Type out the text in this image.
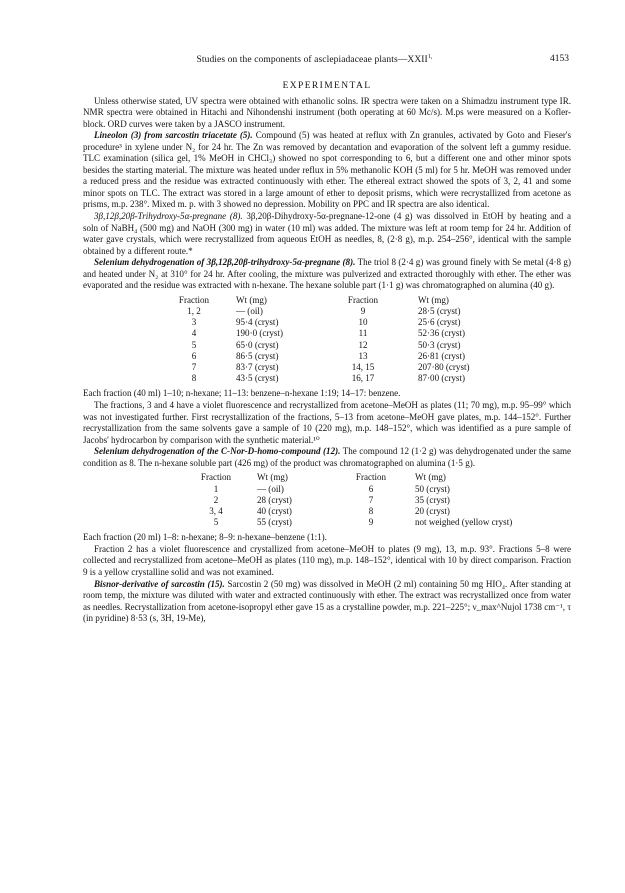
Studies on the components of asclepiadaceae $plants—XXII^{1,}$	4153
EXPERIMENTAL

Unless otherwise stated, UV spectra were obtained with ethanolic solns. IR spectra were taken on a Shimadzu instrument type IR. NMR spectra were obtained in Hitachi and Nihondenshi instrument (both operating at 60 Mc/s). M.ps were measured on a Kofler-block. ORD curves were taken by a JASCO instrument.

Lineolon (3) from sarcostin triacetate (5). Compound (5) was heated at reflux with Zn granules, activated by Goto and Fieser's procedure³ in xylene under N₂ for 24 hr. The Zn was removed by decantation and evaporation of the solvent left a gummy residue. TLC examination (silica gel, 1% MeOH in CHCl₃) showed no spot corresponding to 6, but a different one and other minor spots besides the starting material. The mixture was heated under reflux in 5% methanolic KOH (5 ml) for 5 hr. MeOH was removed under a reduced press and the residue was extracted continuously with ether. The ethereal extract showed the spots of 3, 2, 41 and some minor spots on TLC. The extract was stored in a large amount of ether to deposit prisms, which were recrystallized from acetone as prisms, m.p. 238°. Mixed m. p. with 3 showed no depression. Mobility on PPC and IR spectra are also identical.

3β,12β,20β-Trihydroxy-5α-pregnane (8). 3β,20β-Dihydroxy-5α-pregnane-12-one (4 g) was dissolved in EtOH by heating and a soln of NaBH₄ (500 mg) and NaOH (300 mg) in water (10 ml) was added. The mixture was left at room temp for 24 hr. Addition of water gave crystals, which were recrystallized from aqueous EtOH as needles, 8, (2·8 g), m.p. 254–256°, identical with the sample obtained by a different route.*

Selenium dehydrogenation of 3β,12β,20β-trihydroxy-5α-pregnane (8). The triol 8 (2·4 g) was ground finely with Se metal (4·8 g) and heated under N₂ at 310° for 24 hr. After cooling, the mixture was pulverized and extracted thoroughly with ether. The ether was evaporated and the residue was extracted with n-hexane. The hexane soluble part (1·1 g) was chromatographed on alumina (40 g).

Fraction	Wt (mg)	Fraction	Wt (mg)
1, 2	— (oil)	9	28·5 (cryst)
3	95·4 (cryst)	10	25·6 (cryst)
4	190·0 (cryst)	11	52·36 (cryst)
5	65·0 (cryst)	12	50·3 (cryst)
6	86·5 (cryst)	13	26·81 (cryst)
7	83·7 (cryst)	14, 15	207·80 (cryst)
8	43·5 (cryst)	16, 17	87·00 (cryst)

Each fraction (40 ml) 1–10; n-hexane; 11–13: benzene–n-hexane 1:19; 14–17: benzene.

The fractions, 3 and 4 have a violet fluorescence and recrystallized from acetone–MeOH as plates (11; 70 mg), m.p. 95–99° which was not investigated further. First recrystallization of the fractions, 5–13 from acetone–MeOH gave plates, m.p. 144–152°. Further recrystallization from the same solvents gave a sample of 10 (220 mg), m.p. 148–152°, which was identified as a pure sample of Jacobs' hydrocarbon by comparison with the synthetic material.¹⁰

Selenium dehydrogenation of the C-Nor-D-homo-compound (12). The compound 12 (1·2 g) was dehydrogenated under the same condition as 8. The n-hexane soluble part (426 mg) of the product was chromatographed on alumina (1·5 g).

Fraction	Wt (mg)	Fraction	Wt (mg)
1	— (oil)	6	50 (cryst)
2	28 (cryst)	7	35 (cryst)
3, 4	40 (cryst)	8	20 (cryst)
5	55 (cryst)	9	not weighed (yellow cryst)

Each fraction (20 ml) 1–8: n-hexane; 8–9: n-hexane–benzene (1:1).

Fraction 2 has a violet fluorescence and crystallized from acetone–MeOH to plates (9 mg), 13, m.p. 93°. Fractions 5–8 were collected and recrystallized from acetone–MeOH as plates (110 mg), m.p. 148–152°, identical with 10 by direct comparison. Fraction 9 is a yellow crystalline solid and was not examined.

Bisnor-derivative of sarcostin (15). Sarcostin 2 (50 mg) was dissolved in MeOH (2 ml) containing 50 mg HIO₄. After standing at room temp, the mixture was diluted with water and extracted continuously with ether. The extract was recrystallized once from water as needles. Recrystallization from acetone-isopropyl ether gave 15 as a crystalline powder, m.p. 221–225°; ν_max^Nujol 1738 cm⁻¹, τ (in pyridine) 8·53 (s, 3H, 19-Me),
